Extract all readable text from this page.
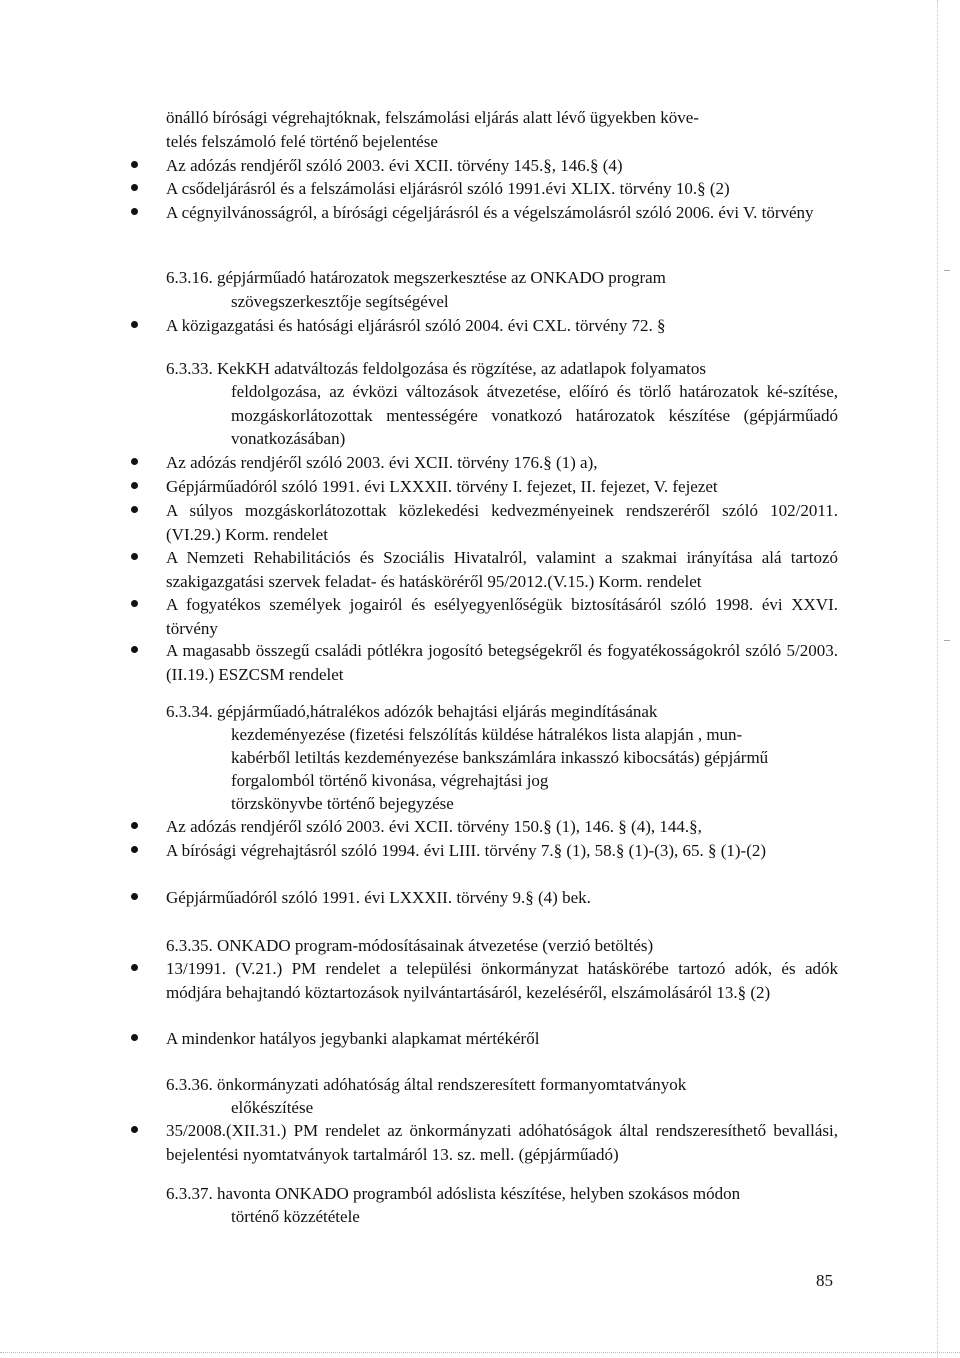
önálló bírósági végrehajtóknak, felszámolási eljárás alatt lévő ügyekben köve-
telés felszámoló felé történő bejelentése
Az adózás rendjéről szóló 2003. évi XCII. törvény 145.§, 146.§ (4)
A csődeljárásról és a felszámolási eljárásról szóló 1991.évi XLIX. törvény 10.§ (2)
A cégnyilvánosságról, a bírósági cégeljárásról és a végelszámolásról szóló 2006. évi V. törvény
6.3.16. gépjárműadó határozatok megszerkesztése az ONKADO program
szövegszerkesztője segítségével
A közigazgatási és hatósági eljárásról szóló 2004. évi CXL. törvény 72. §
6.3.33. KekKH adatváltozás feldolgozása és rögzítése, az adatlapok folyamatos
feldolgozása, az évközi változások átvezetése, előíró és törlő határozatok ké-szítése, mozgáskorlátozottak mentességére vonatkozó határozatok készítése (gépjárműadó vonatkozásában)
Az adózás rendjéről szóló 2003. évi XCII. törvény 176.§ (1) a),
Gépjárműadóról szóló 1991. évi LXXXII. törvény I. fejezet, II. fejezet, V. fejezet
A súlyos mozgáskorlátozottak közlekedési kedvezményeinek rendszeréről szóló 102/2011. (VI.29.) Korm. rendelet
A Nemzeti Rehabilitációs és Szociális Hivatalról, valamint a szakmai irányítása alá tartozó szakigazgatási szervek feladat- és hatásköréről 95/2012.(V.15.) Korm. rendelet
A fogyatékos személyek jogairól és esélyegyenlőségük biztosításáról szóló 1998. évi XXVI. törvény
A magasabb összegű családi pótlékra jogosító betegségekről és fogyatékosságokról szóló 5/2003. (II.19.) ESZCSM rendelet
6.3.34. gépjárműadó,hátralékos adózók behajtási eljárás megindításának
kezdeményezése (fizetési felszólítás küldése hátralékos lista alapján , mun-
kabérből letiltás kezdeményezése bankszámlára inkasszó kibocsátás) gépjármű
forgalomból történő kivonása, végrehajtási jog
törzskönyvbe történő bejegyzése
Az adózás rendjéről szóló 2003. évi XCII. törvény 150.§ (1), 146. § (4), 144.§,
A bírósági végrehajtásról szóló 1994. évi LIII. törvény 7.§ (1), 58.§ (1)-(3), 65. § (1)-(2)
Gépjárműadóról szóló 1991. évi LXXXII. törvény 9.§ (4) bek.
6.3.35. ONKADO program-módosításainak átvezetése (verzió betöltés)
13/1991. (V.21.) PM rendelet a települési önkormányzat hatáskörébe tartozó adók, és adók módjára behajtandó köztartozások nyilvántartásáról, kezeléséről, elszámolásáról 13.§ (2)
A mindenkor hatályos jegybanki alapkamat mértékéről
6.3.36. önkormányzati adóhatóság által rendszeresített formanyomtatványok
előkészítése
35/2008.(XII.31.) PM rendelet az önkormányzati adóhatóságok által rendszeresíthető bevallási, bejelentési nyomtatványok tartalmáról 13. sz. mell. (gépjárműadó)
6.3.37. havonta ONKADO programból adóslista készítése, helyben szokásos módon
történő közzététele
85
